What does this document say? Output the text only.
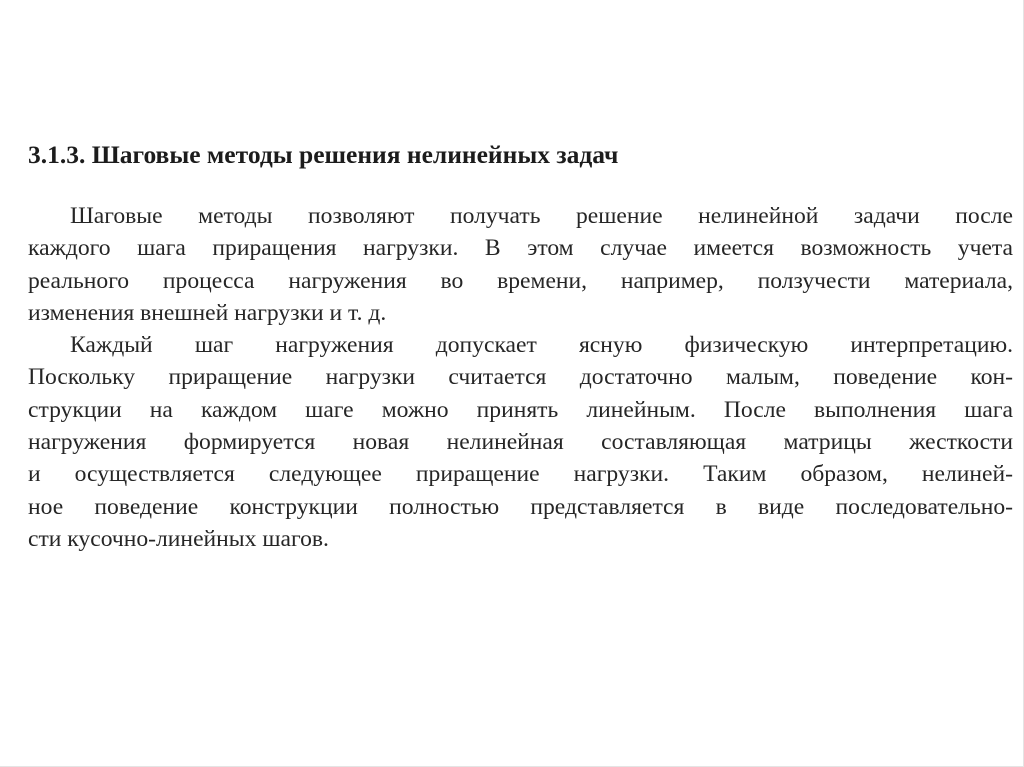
3.1.3. Шаговые методы решения нелинейных задач
Шаговые методы позволяют получать решение нелинейной задачи после
каждого шага приращения нагрузки. В этом случае имеется возможность учета
реального процесса нагружения во времени, например, ползучести материала,
изменения внешней нагрузки и т. д.
Каждый шаг нагружения допускает ясную физическую интерпретацию.
Поскольку приращение нагрузки считается достаточно малым, поведение кон-
струкции на каждом шаге можно принять линейным. После выполнения шага
нагружения формируется новая нелинейная составляющая матрицы жесткости
и осуществляется следующее приращение нагрузки. Таким образом, нелиней-
ное поведение конструкции полностью представляется в виде последовательно-
сти кусочно-линейных шагов.
